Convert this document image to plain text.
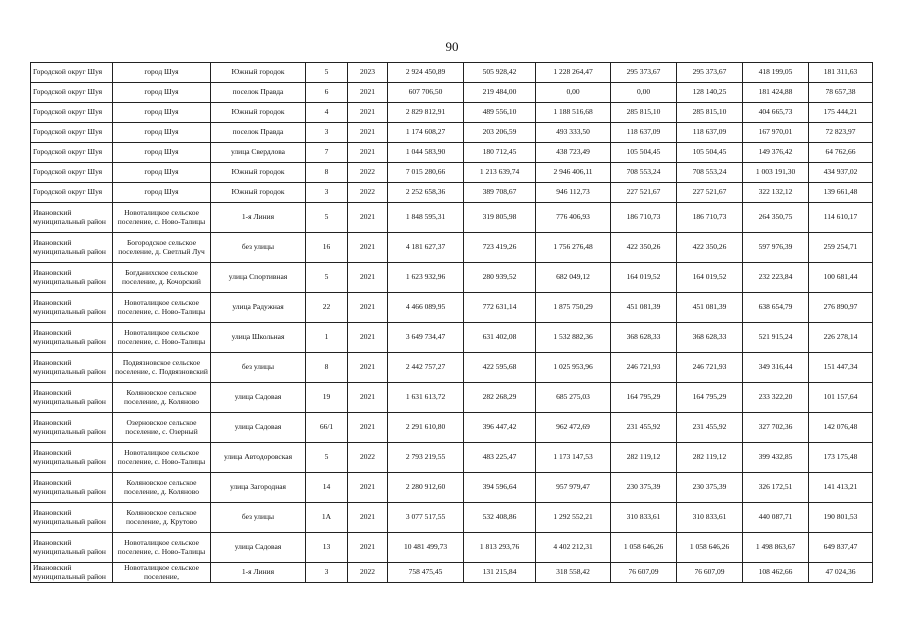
90
Городской округ Шуя	город Шуя	Южный городок	5	2023	2 924 450,89	505 928,42	1 228 264,47	295 373,67	295 373,67	418 199,05	181 311,63
Городской округ Шуя	город Шуя	поселок Правда	6	2021	607 706,50	219 484,00	0,00	0,00	128 140,25	181 424,88	78 657,38
Городской округ Шуя	город Шуя	Южный городок	4	2021	2 829 812,91	489 556,10	1 188 516,68	285 815,10	285 815,10	404 665,73	175 444,21
Городской округ Шуя	город Шуя	поселок Правда	3	2021	1 174 608,27	203 206,59	493 333,50	118 637,09	118 637,09	167 970,01	72 823,97
Городской округ Шуя	город Шуя	улица Свердлова	7	2021	1 044 583,90	180 712,45	438 723,49	105 504,45	105 504,45	149 376,42	64 762,66
Городской округ Шуя	город Шуя	Южный городок	8	2022	7 015 280,66	1 213 639,74	2 946 406,11	708 553,24	708 553,24	1 003 191,30	434 937,02
Городской округ Шуя	город Шуя	Южный городок	3	2022	2 252 658,36	389 708,67	946 112,73	227 521,67	227 521,67	322 132,12	139 661,48
Ивановский муниципальный район	Новоталицкое сельское поселение, с. Ново-Талицы	1-я Линия	5	2021	1 848 595,31	319 805,98	776 406,93	186 710,73	186 710,73	264 350,75	114 610,17
Ивановский муниципальный район	Богородское сельское поселение, д. Светлый Луч	без улицы	16	2021	4 181 627,37	723 419,26	1 756 276,48	422 350,26	422 350,26	597 976,39	259 254,71
Ивановский муниципальный район	Богданихское сельское поселение, д. Кочорский	улица Спортивная	5	2021	1 623 932,96	280 939,52	682 049,12	164 019,52	164 019,52	232 223,84	100 681,44
Ивановский муниципальный район	Новоталицкое сельское поселение, с. Ново-Талицы	улица Радужная	22	2021	4 466 089,95	772 631,14	1 875 750,29	451 081,39	451 081,39	638 654,79	276 890,97
Ивановский муниципальный район	Новоталицкое сельское поселение, с. Ново-Талицы	улица Школьная	1	2021	3 649 734,47	631 402,08	1 532 882,36	368 628,33	368 628,33	521 915,24	226 278,14
Ивановский муниципальный район	Подвязновское сельское поселение, с. Подвязновский	без улицы	8	2021	2 442 757,27	422 595,68	1 025 953,96	246 721,93	246 721,93	349 316,44	151 447,34
Ивановский муниципальный район	Коляновское сельское поселение, д. Коляново	улица Садовая	19	2021	1 631 613,72	282 268,29	685 275,03	164 795,29	164 795,29	233 322,20	101 157,64
Ивановский муниципальный район	Озерновское сельское поселение, с. Озерный	улица Садовая	66/1	2021	2 291 610,80	396 447,42	962 472,69	231 455,92	231 455,92	327 702,36	142 076,48
Ивановский муниципальный район	Новоталицкое сельское поселение, с. Ново-Талицы	улица Автодоровская	5	2022	2 793 219,55	483 225,47	1 173 147,53	282 119,12	282 119,12	399 432,85	173 175,48
Ивановский муниципальный район	Коляновское сельское поселение, д. Коляново	улица Загородная	14	2021	2 280 912,60	394 596,64	957 979,47	230 375,39	230 375,39	326 172,51	141 413,21
Ивановский муниципальный район	Коляновское сельское поселение, д. Крутово	без улицы	1А	2021	3 077 517,55	532 408,86	1 292 552,21	310 833,61	310 833,61	440 087,71	190 801,53
Ивановский муниципальный район	Новоталицкое сельское поселение, с. Ново-Талицы	улица Садовая	13	2021	10 481 499,73	1 813 293,76	4 402 212,31	1 058 646,26	1 058 646,26	1 498 863,67	649 837,47
Ивановский муниципальный район	Новоталицкое сельское поселение,	1-я Линия	3	2022	758 475,45	131 215,84	318 558,42	76 607,09	76 607,09	108 462,66	47 024,36
